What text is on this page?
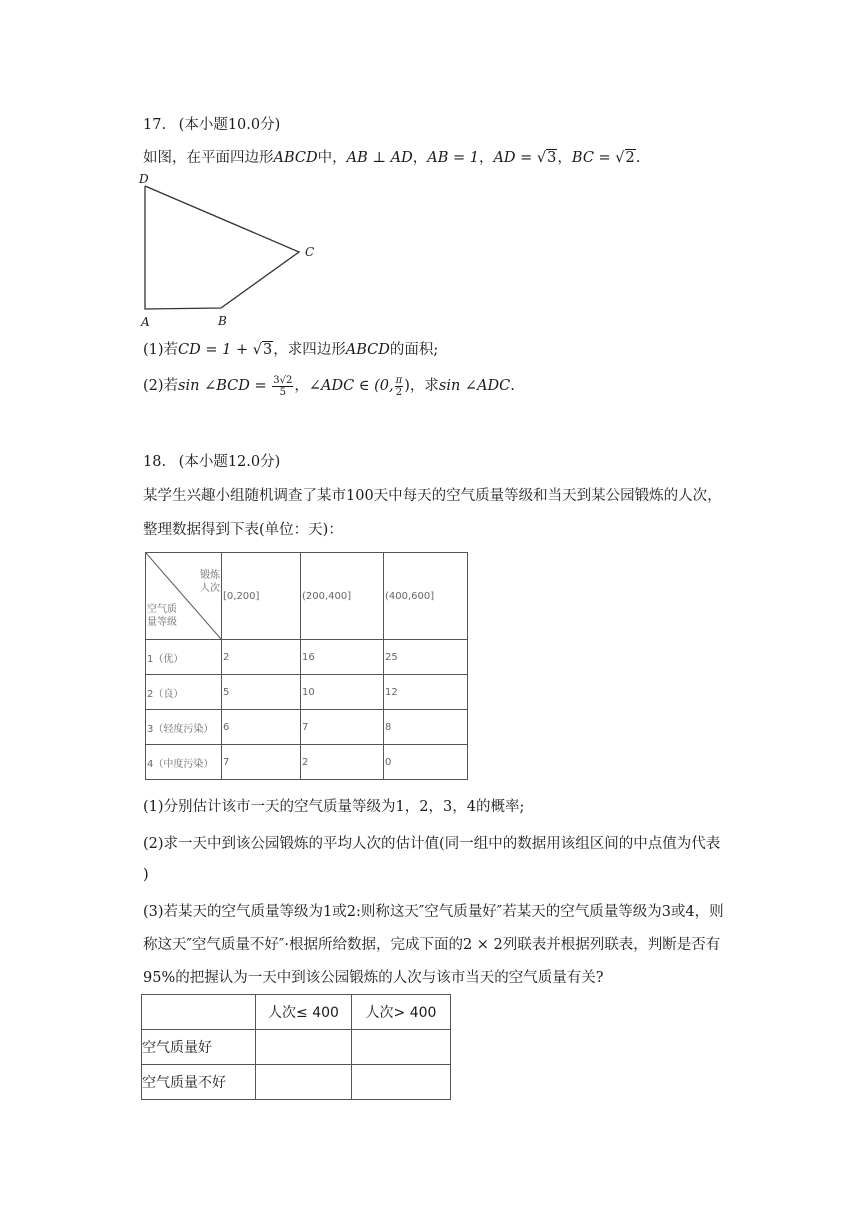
17. (本小题10.0分)
如图，在平面四边形ABCD中，AB ⊥ AD，AB = 1，AD = √3，BC = √2.
D
C
A	B
(1)若CD = 1 + √3，求四边形ABCD的面积;
(2)若sin ∠BCD = $\frac{3√2}{5}$ ，∠ADC ∈ (0, $\frac{\pi}{2}$ )，求sin ∠ADC.
18. (本小题12.0分)
某学生兴趣小组随机调查了某市100天中每天的空气质量等级和当天到某公园锻炼的人次，
整理数据得到下表(单位：天)：
锻炼
人次
空气质
量等级	[0,200]	(200,400]	(400,600]
1（优）	2	16	25
2（良）	5	10	12
3（轻度污染）	6	7	8
4（中度污染）	7	2	0
(1)分别估计该市一天的空气质量等级为1，2，3，4的概率;
(2)求一天中到该公园锻炼的平均人次的估计值(同一组中的数据用该组区间的中点值为代表
)
(3)若某天的空气质量等级为1或2:则称这天″空气质量好″若某天的空气质量等级为3或4，则
称这天″空气质量不好″·根据所给数据，完成下面的2 × 2列联表并根据列联表，判断是否有
95%的把握认为一天中到该公园锻炼的人次与该市当天的空气质量有关?
	人次≤ 400	人次> 400
空气质量好		
空气质量不好		
